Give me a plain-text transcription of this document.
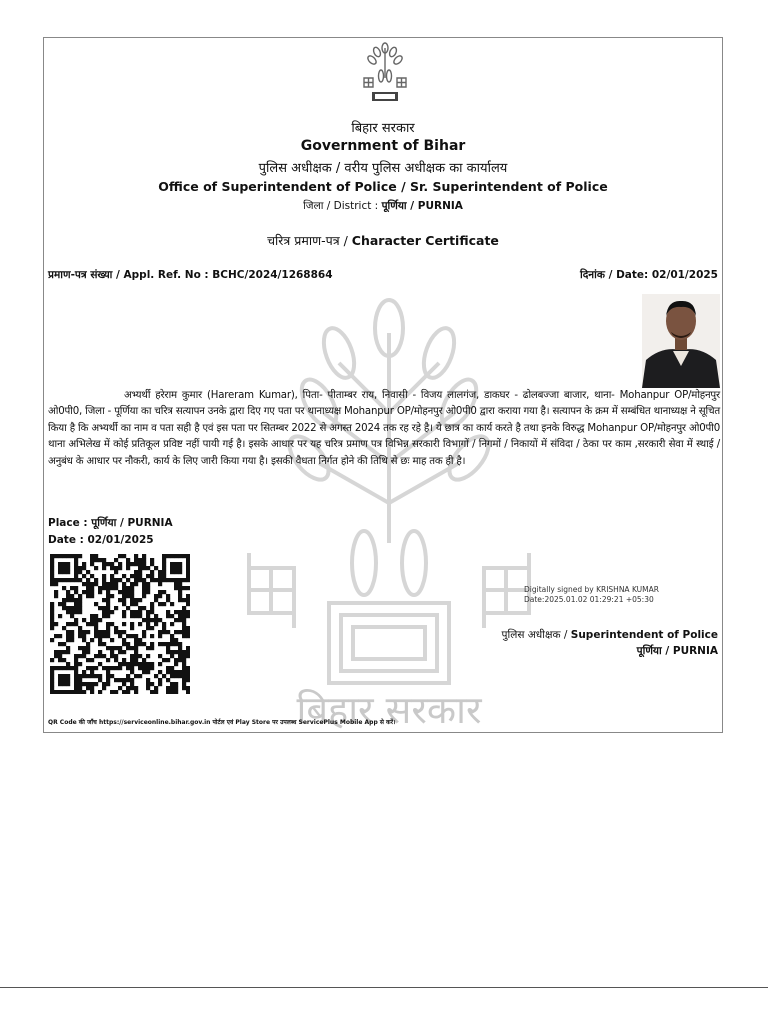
बिहार सरकार
बिहार सरकार
Government of Bihar
पुलिस अधीक्षक / वरीय पुलिस अधीक्षक का कार्यालय
Office of Superintendent of Police / Sr. Superintendent of Police
जिला / District : पूर्णिया / PURNIA
चरित्र प्रमाण-पत्र / Character Certificate
प्रमाण-पत्र संख्या / Appl. Ref. No : BCHC/2024/1268864	दिनांक / Date: 02/01/2025
अभ्यर्थी हरेराम कुमार (Hareram Kumar), पिता- पीताम्बर राय, निवासी - विजय लालगंज, डाकघर - ढोलबज्जा बाजार, थाना- Mohanpur OP/मोहनपुर ओ0पी0, जिला - पूर्णिया का चरित्र सत्यापन उनके द्वारा दिए गए पता पर थानाध्यक्ष Mohanpur OP/मोहनपुर ओ0पी0 द्वारा कराया गया है। सत्यापन के क्रम में सम्बंधित थानाध्यक्ष ने सूचित किया है कि अभ्यर्थी का नाम व पता सही है एवं इस पता पर सितम्बर 2022 से अगस्त 2024 तक रह रहे है। ये छात्र का कार्य करते है तथा इनके विरुद्ध Mohanpur OP/मोहनपुर ओ0पी0 थाना अभिलेख में कोई प्रतिकूल प्रविष्ट नहीं पायी गई है। इसके आधार पर यह चरित्र प्रमाण पत्र विभिन्न सरकारी विभागों / निगमों / निकायों में संविदा / ठेका पर काम ,सरकारी सेवा में स्थाई / अनुबंध के आधार पर नौकरी, कार्य के लिए जारी किया गया है। इसकी वैधता निर्गत होने की तिथि से छः माह तक ही है।
Place : पूर्णिया / PURNIA
Date : 02/01/2025
Digitally signed by KRISHNA KUMAR
Date:2025.01.02 01:29:21 +05:30
पुलिस अधीक्षक / Superintendent of Police
पूर्णिया / PURNIA
QR Code की जाँच https://serviceonline.bihar.gov.in पोर्टल एवं Play Store पर उपलब्ध ServicePlus Mobile App से करें।
